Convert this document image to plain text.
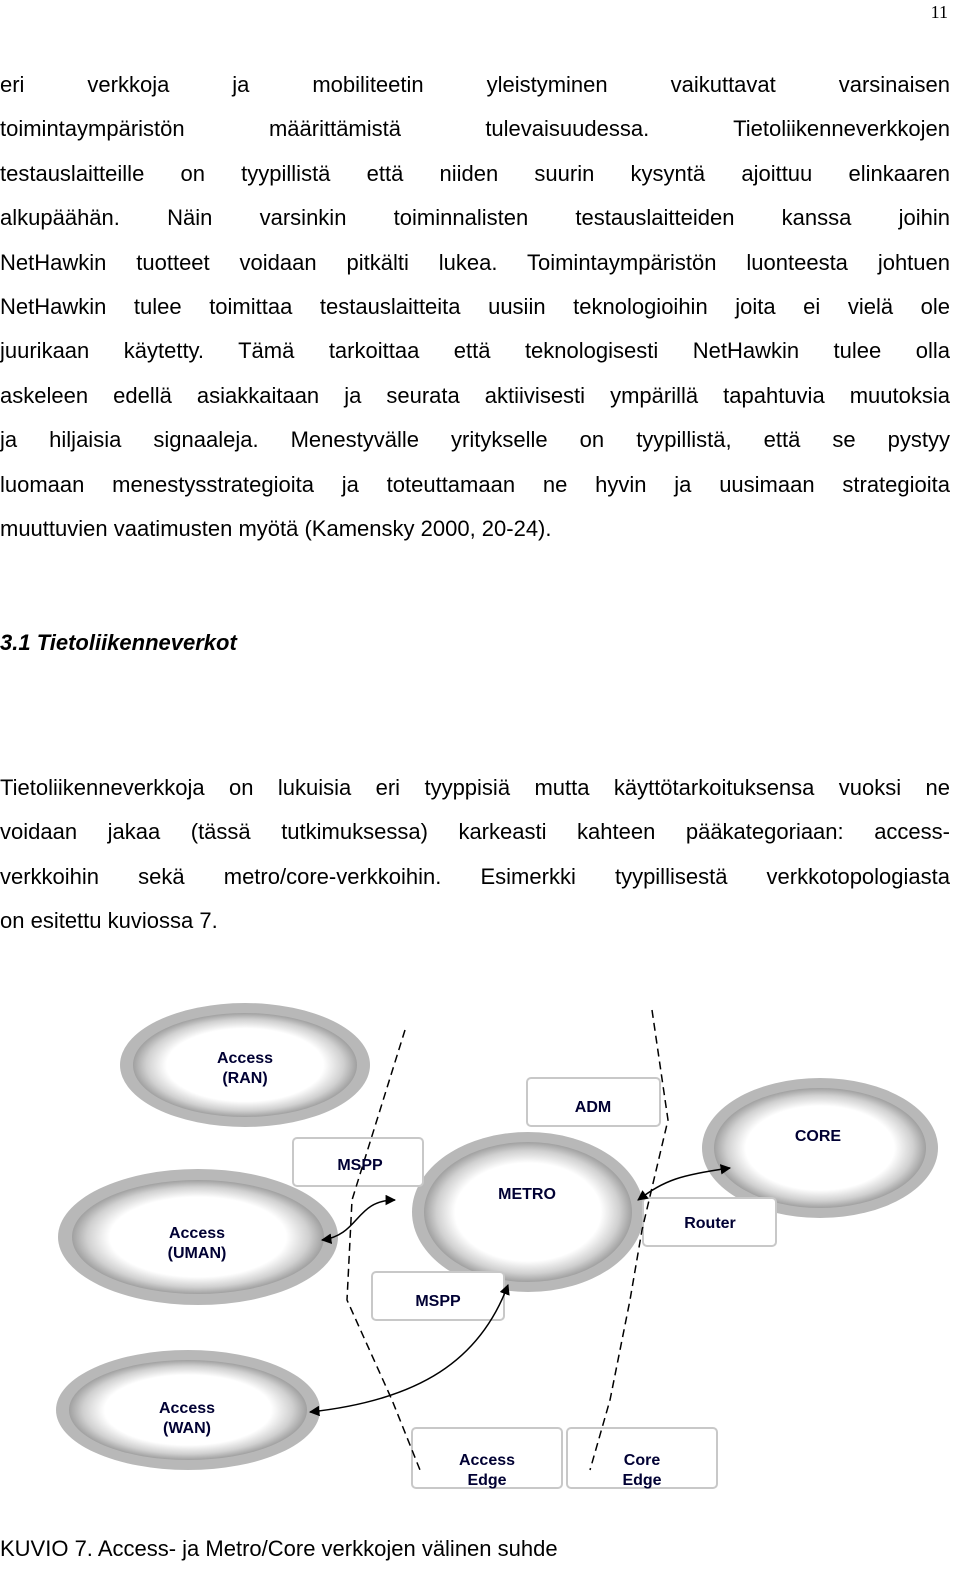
11
eri verkkoja ja mobiliteetin yleistyminen vaikuttavat varsinaisen
toimintaympäristön määrittämistä tulevaisuudessa. Tietoliikenneverkkojen
testauslaitteille on tyypillistä että niiden suurin kysyntä ajoittuu elinkaaren
alkupäähän. Näin varsinkin toiminnalisten testauslaitteiden kanssa joihin
NetHawkin tuotteet voidaan pitkälti lukea. Toimintaympäristön luonteesta johtuen
NetHawkin tulee toimittaa testauslaitteita uusiin teknologioihin joita ei vielä ole
juurikaan käytetty. Tämä tarkoittaa että teknologisesti NetHawkin tulee olla
askeleen edellä asiakkaitaan ja seurata aktiivisesti ympärillä tapahtuvia muutoksia
ja hiljaisia signaaleja. Menestyvälle yritykselle on tyypillistä, että se pystyy
luomaan menestysstrategioita ja toteuttamaan ne hyvin ja uusimaan strategioita
muuttuvien vaatimusten myötä (Kamensky 2000, 20-24).
3.1 Tietoliikenneverkot
Tietoliikenneverkkoja on lukuisia eri tyyppisiä mutta käyttötarkoituksensa vuoksi ne
voidaan jakaa (tässä tutkimuksessa) karkeasti kahteen pääkategoriaan: access-
verkkoihin sekä metro/core-verkkoihin. Esimerkki tyypillisestä verkkotopologiasta
on esitettu kuviossa 7.
Access
(RAN)
Access
(UMAN)
Access
(WAN)
METRO
CORE
MSPP
ADM
Router
MSPP
Access
Edge
Core
Edge
KUVIO 7. Access- ja Metro/Core verkkojen välinen suhde
